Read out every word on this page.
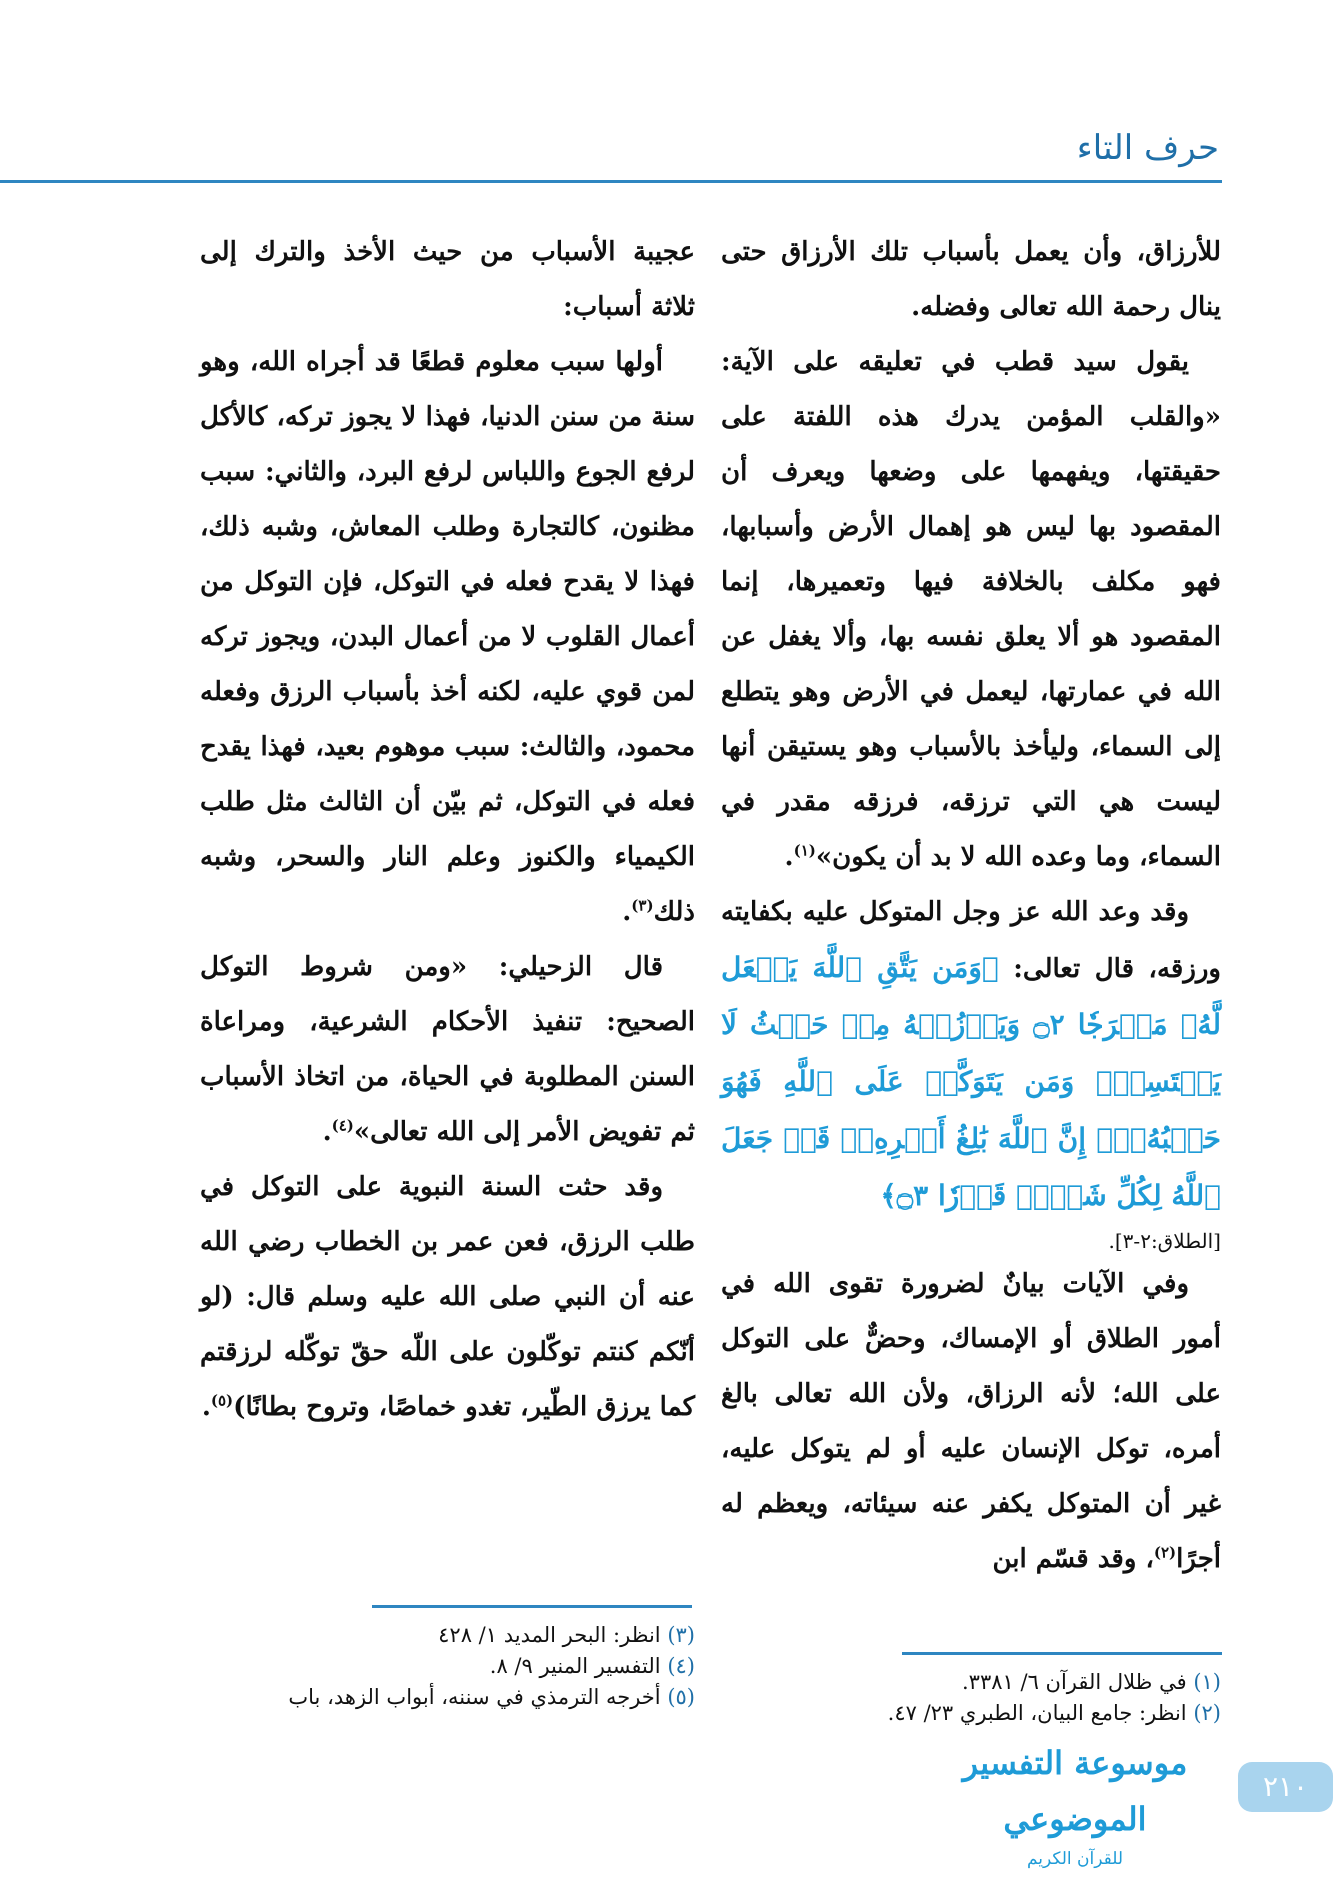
حرف التاء

للأرزاق، وأن يعمل بأسباب تلك الأرزاق حتى ينال رحمة الله تعالى وفضله.

يقول سيد قطب في تعليقه على الآية: «والقلب المؤمن يدرك هذه اللفتة على حقيقتها، ويفهمها على وضعها ويعرف أن المقصود بها ليس هو إهمال الأرض وأسبابها، فهو مكلف بالخلافة فيها وتعميرها، إنما المقصود هو ألا يعلق نفسه بها، وألا يغفل عن الله في عمارتها، ليعمل في الأرض وهو يتطلع إلى السماء، وليأخذ بالأسباب وهو يستيقن أنها ليست هي التي ترزقه، فرزقه مقدر في السماء، وما وعده الله لا بد أن يكون»$^{(١)}$.

وقد وعد الله عز وجل المتوكل عليه بكفايته ورزقه، قال تعالى: ﴿وَمَن يَتَّقِ ٱللَّهَ يَجۡعَل لَّهُۥ مَخۡرَجٗا ۝٢ وَيَرۡزُقۡهُ مِنۡ حَيۡثُ لَا يَحۡتَسِبُۚ وَمَن يَتَوَكَّلۡ عَلَى ٱللَّهِ فَهُوَ حَسۡبُهُۥٓۚ إِنَّ ٱللَّهَ بَٰلِغُ أَمۡرِهِۦۚ قَدۡ جَعَلَ ٱللَّهُ لِكُلِّ شَيۡءٖ قَدۡرٗا ۝٣﴾

[الطلاق:٢-٣].

وفي الآيات بيانٌ لضرورة تقوى الله في أمور الطلاق أو الإمساك، وحضٌّ على التوكل على الله؛ لأنه الرزاق، ولأن الله تعالى بالغ أمره، توكل الإنسان عليه أو لم يتوكل عليه، غير أن المتوكل يكفر عنه سيئاته، ويعظم له أجرًا$^{(٢)}$، وقد قسّم ابن

عجيبة الأسباب من حيث الأخذ والترك إلى ثلاثة أسباب:

أولها سبب معلوم قطعًا قد أجراه الله، وهو سنة من سنن الدنيا، فهذا لا يجوز تركه، كالأكل لرفع الجوع واللباس لرفع البرد، والثاني: سبب مظنون، كالتجارة وطلب المعاش، وشبه ذلك، فهذا لا يقدح فعله في التوكل، فإن التوكل من أعمال القلوب لا من أعمال البدن، ويجوز تركه لمن قوي عليه، لكنه أخذ بأسباب الرزق وفعله محمود، والثالث: سبب موهوم بعيد، فهذا يقدح فعله في التوكل، ثم بيّن أن الثالث مثل طلب الكيمياء والكنوز وعلم النار والسحر، وشبه ذلك$^{(٣)}$.

قال الزحيلي: «ومن شروط التوكل الصحيح: تنفيذ الأحكام الشرعية، ومراعاة السنن المطلوبة في الحياة، من اتخاذ الأسباب ثم تفويض الأمر إلى الله تعالى»$^{(٤)}$.

وقد حثت السنة النبوية على التوكل في طلب الرزق، فعن عمر بن الخطاب رضي الله عنه أن النبي صلى الله عليه وسلم قال: (لو أنّكم كنتم توكّلون على اللّه حقّ توكّله لرزقتم كما يرزق الطّير، تغدو خماصًا، وتروح بطانًا)$^{(٥)}$.

(٣) انظر: البحر المديد ١/ ٤٢٨
(٤) التفسير المنير ٩/ ٨.
(٥) أخرجه الترمذي في سننه، أبواب الزهد، باب
(١) في ظلال القرآن ٦/ ٣٣٨١.
(٢) انظر: جامع البيان، الطبري ٢٣/ ٤٧.
موسوعة التفسير الموضوعي
للقرآن الكريم
٢١٠
